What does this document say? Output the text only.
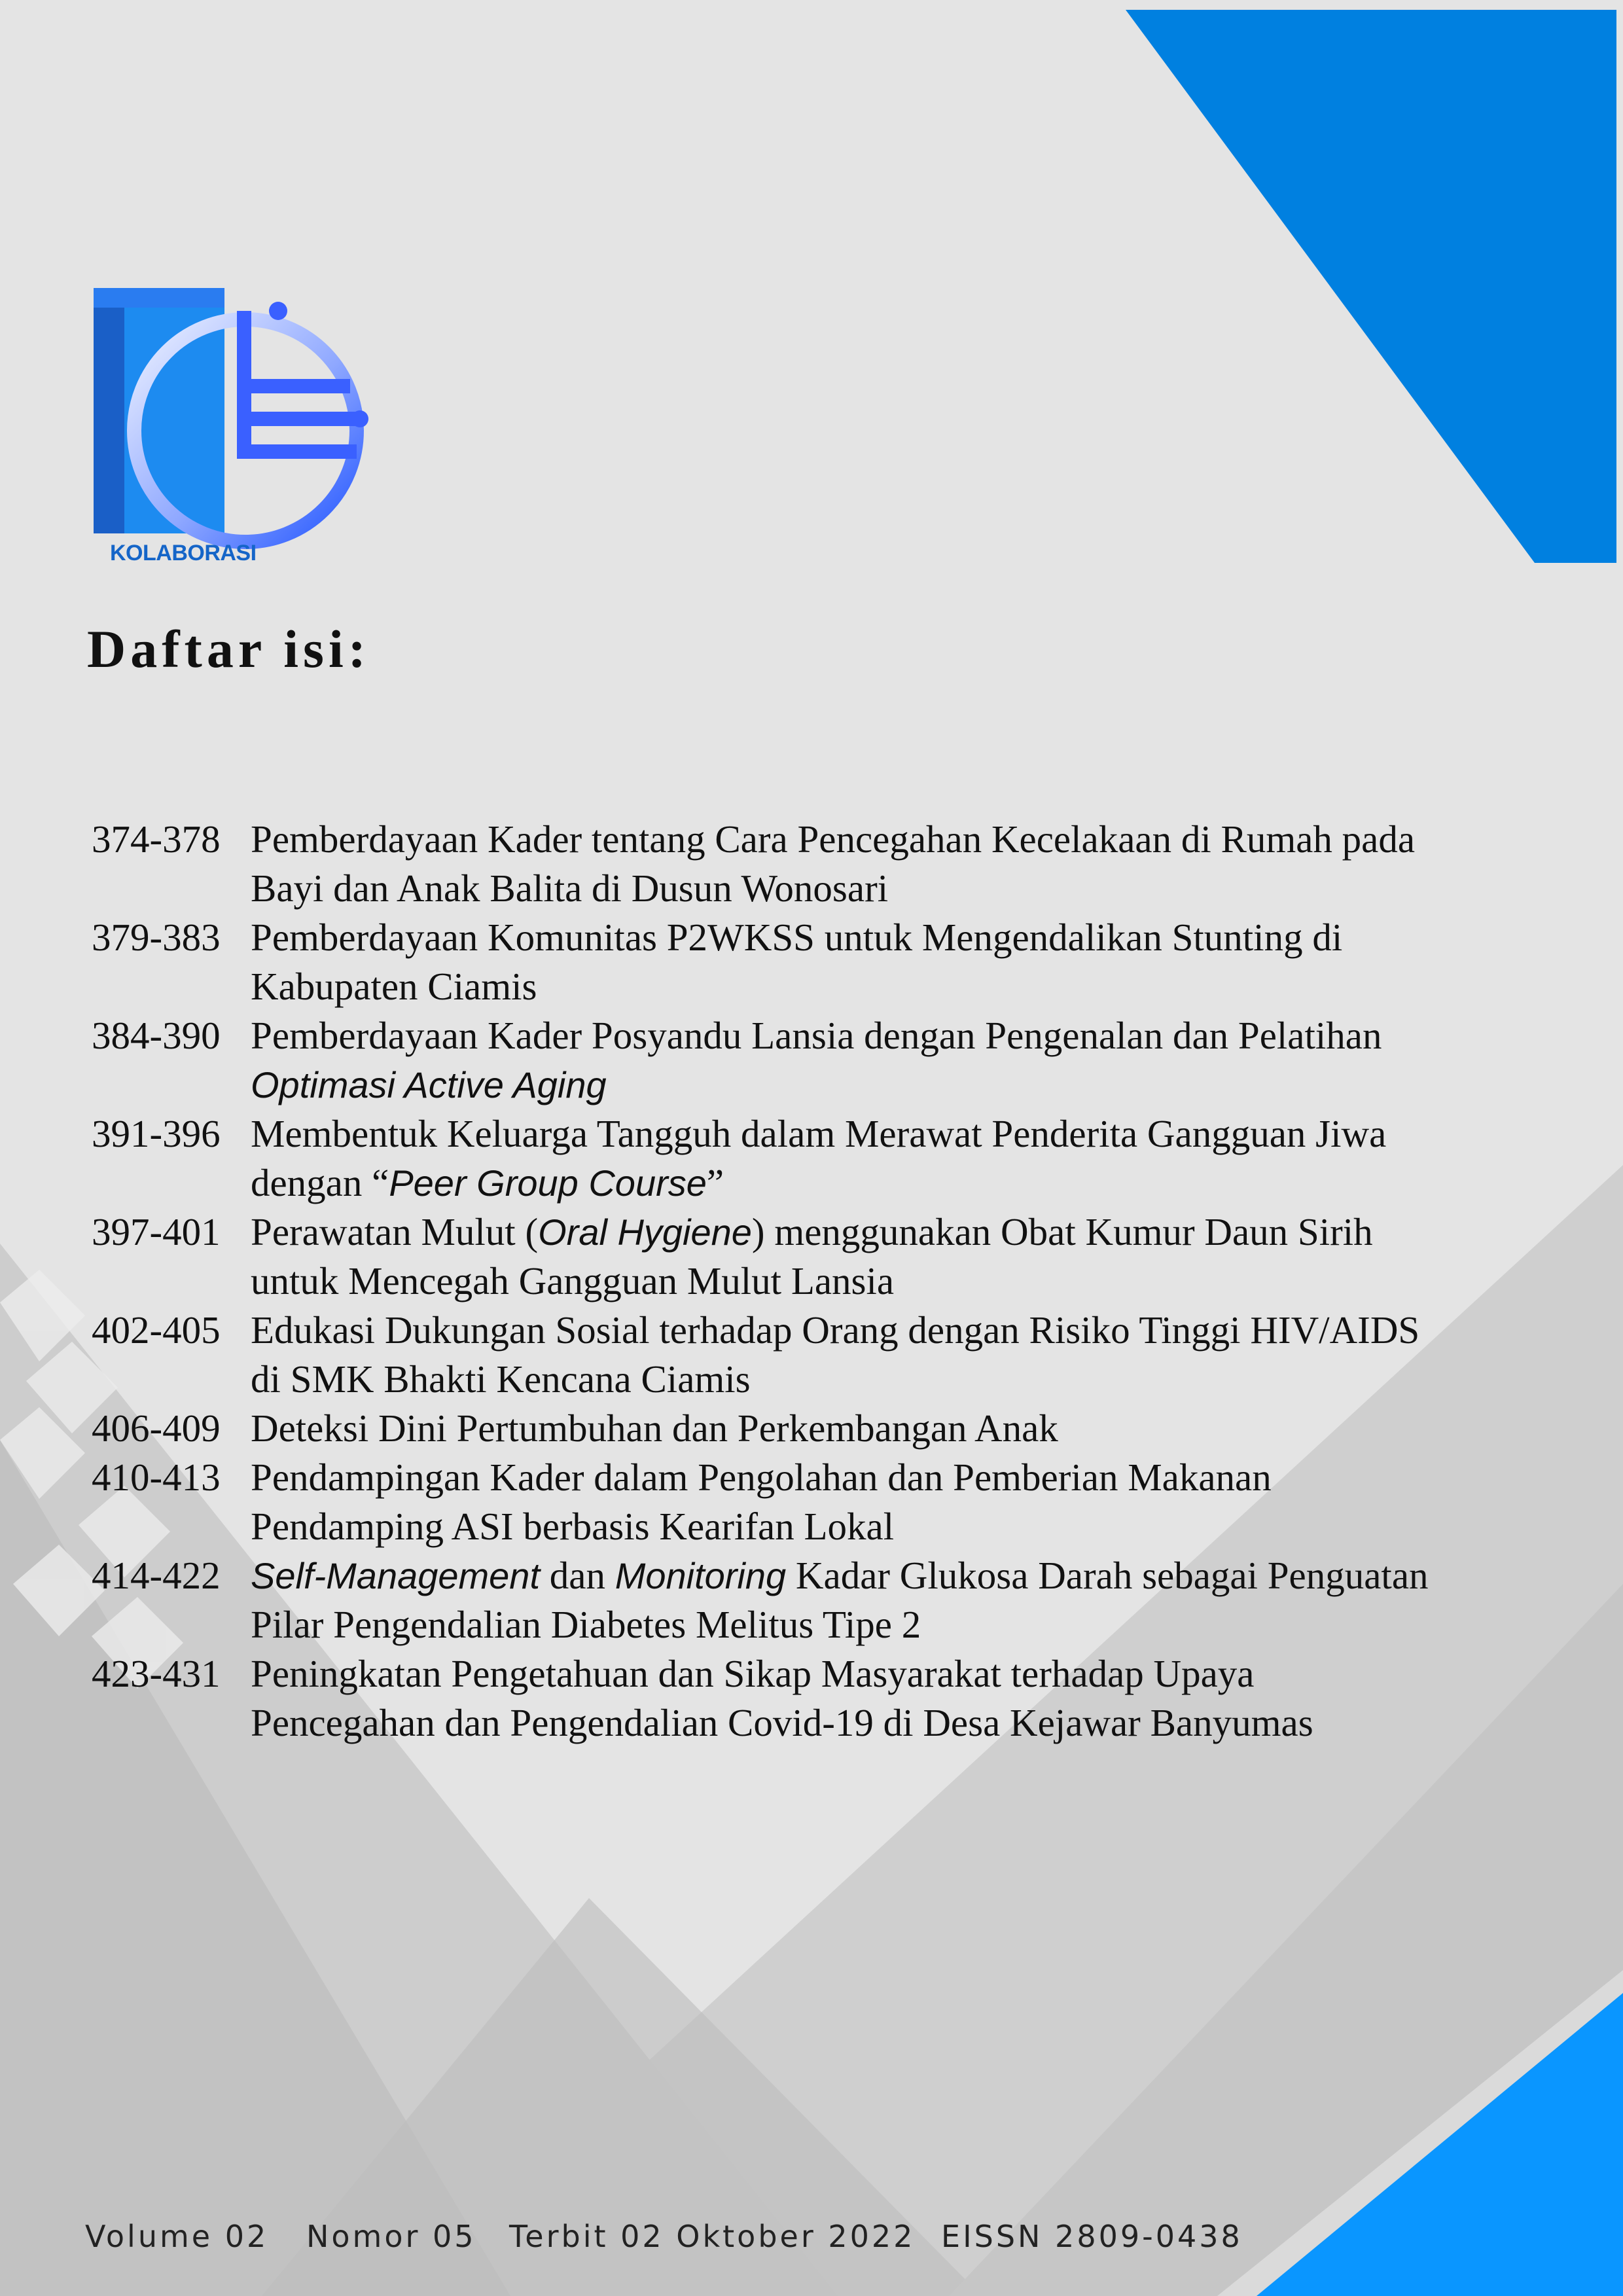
KOLABORASI
Daftar isi:
374-378 Pemberdayaan Kader tentang Cara Pencegahan Kecelakaan di Rumah pada
Bayi dan Anak Balita di Dusun Wonosari
379-383 Pemberdayaan Komunitas P2WKSS untuk Mengendalikan Stunting di
Kabupaten Ciamis
384-390 Pemberdayaan Kader Posyandu Lansia dengan Pengenalan dan Pelatihan
Optimasi Active Aging
391-396 Membentuk Keluarga Tangguh dalam Merawat Penderita Gangguan Jiwa
dengan “Peer Group Course”
397-401 Perawatan Mulut (Oral Hygiene) menggunakan Obat Kumur Daun Sirih
untuk Mencegah Gangguan Mulut Lansia
402-405 Edukasi Dukungan Sosial terhadap Orang dengan Risiko Tinggi HIV/AIDS
di SMK Bhakti Kencana Ciamis
406-409 Deteksi Dini Pertumbuhan dan Perkembangan Anak
410-413 Pendampingan Kader dalam Pengolahan dan Pemberian Makanan
Pendamping ASI berbasis Kearifan Lokal
414-422 Self-Management dan Monitoring Kadar Glukosa Darah sebagai Penguatan
Pilar Pengendalian Diabetes Melitus Tipe 2
423-431 Peningkatan Pengetahuan dan Sikap Masyarakat terhadap Upaya
Pencegahan dan Pengendalian Covid-19 di Desa Kejawar Banyumas
Volume 02 Nomor 05 Terbit 02 Oktober 2022 EISSN 2809-0438
